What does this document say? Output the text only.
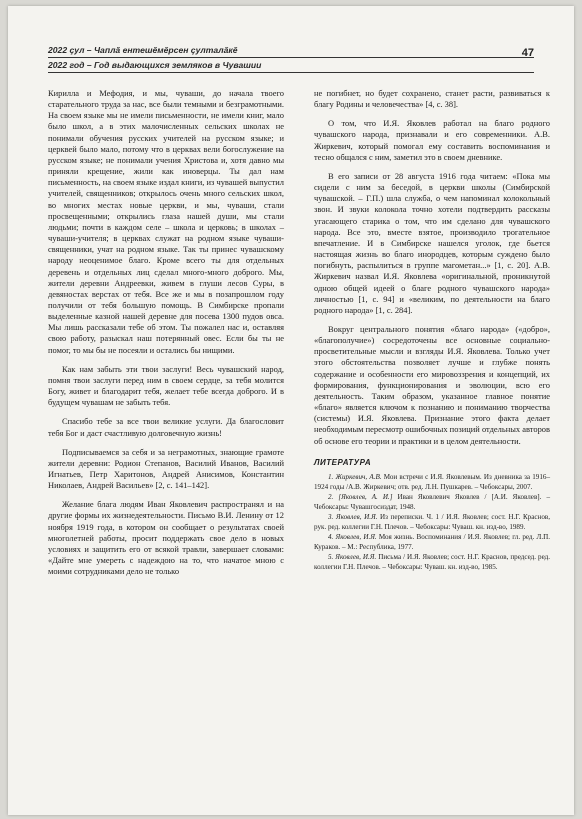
2022 çул – Чаплă ентешĕмĕрсен çулталăкĕ
2022 год – Год выдающихся земляков в Чувашии
47

Кирилла и Мефодия, и мы, чуваши, до начала твоего старательного труда за нас, все были темными и безграмотными. На своем языке мы не имели письменности, не имели книг, мало было школ, а в этих малочисленных сельских школах не понимали обучения русских учителей на русском языке; и церквей было мало, потому что в церквах вели богослужение на русском языке; не понимали учения Христова и, хотя давно мы приняли крещение, жили как иноверцы. Ты дал нам письменность, на своем языке издал книги, из чувашей выпустил учителей, священников; открылось очень много сельских школ, во многих местах новые церкви, и мы, чуваши, стали просвещенными; открылись глаза нашей души, мы стали людьми; почти в каждом селе – школа и церковь; в школах – чуваши-учителя; в церквах служат на родном языке чуваши-священники, учат на родном языке. Так ты принес чувашскому народу неоценимое благо. Кроме всего ты для отдельных деревень и отдельных лиц сделал много-много доброго. Мы, жители деревни Андреевки, живем в глуши лесов Суры, в девяностах верстах от тебя. Все же и мы в позапрошлом году получили от тебя большую помощь. В Симбирске пропали выделенные казной нашей деревне для посева 1300 пудов овса. Мы лишь рассказали тебе об этом. Ты пожалел нас и, оставляя свою работу, разыскал наш потерянный овес. Если бы ты не помог, то мы бы не посеяли и остались бы нищими.

Как нам забыть эти твои заслуги! Весь чувашский народ, помня твои заслуги перед ним в своем сердце, за тебя молится Богу, живет и благодарит тебя, желает тебе всегда доброго. И в будущем чувашам не забыть тебя.

Спасибо тебе за все твои великие услуги. Да благословит тебя Бог и даст счастливую долговечную жизнь!

Подписываемся за себя и за неграмотных, знающие грамоте жители деревни: Родион Степанов, Василий Иванов, Василий Игнатьев, Петр Харитонов, Андрей Анисимов, Константин Николаев, Андрей Васильев» [2, с. 141–142].

Желание блага людям Иван Яковлевич распространял и на другие формы их жизнедеятельности. Письмо В.И. Ленину от 12 ноября 1919 года, в котором он сообщает о результатах своей многолетней работы, просит поддержать свое дело в новых условиях и защитить его от всякой травли, завершает словами: «Дайте мне умереть с надеждою на то, что начатое мною с моими сотрудниками дело не только

не погибнет, но будет сохранено, станет расти, развиваться к благу Родины и человечества» [4, с. 38].

О том, что И.Я. Яковлев работал на благо родного чувашского народа, признавали и его современники. А.В. Жиркевич, который помогал ему составить воспоминания и тесно общался с ним, заметил это в своем дневнике.

В его записи от 28 августа 1916 года читаем: «Пока мы сидели с ним за беседой, в церкви школы (Симбирской чувашской. – Г.П.) шла служба, о чем напоминал колокольный звон. И звуки колокола точно хотели подтвердить рассказы угасающего старика о том, что им сделано для чувашского народа. Все это, вместе взятое, производило трогательное впечатление. И в Симбирске нашелся уголок, где бьется настоящая жизнь во благо инородцев, которым суждено было погибнуть, распылиться в группе магометан...» [1, с. 20]. А.В. Жиркевич назвал И.Я. Яковлева «оригинальной, проникнутой одною общей идеей о благе родного чувашского народа» личностью [1, с. 94] и «великим, по деятельности на благо родного народа» [1, с. 284].

Вокруг центрального понятия «благо народа» («добро», «благополучие») сосредоточены все основные социально-просветительные мысли и взгляды И.Я. Яковлева. Только учет этого обстоятельства позволяет лучше и глубже понять содержание и особенности его мировоззрения и концепций, их формирования, функционирования и эволюции, всю его деятельность. Таким образом, указанное главное понятие «благо» является ключом к познанию и пониманию творчества (системы) И.Я. Яковлева. Признание этого факта делает необходимым пересмотр ошибочных позиций отдельных авторов об основе его теории и практики и в целом деятельности.

ЛИТЕРАТУРА

1. Жиркевич, А.В. Мои встречи с И.Я. Яковлевым. Из дневника за 1916–1924 годы /А.В. Жиркевич; отв. ред. Л.Н. Пушкарев. – Чебоксары, 2007.

2. [Яковлев, А. И.] Иван Яковлевич Яковлев / [А.И. Яковлев]. – Чебоксары: Чувашгосиздат, 1948.

3. Яковлев, И.Я. Из переписки. Ч. 1 / И.Я. Яковлев; сост. Н.Г. Краснов, рук. ред. коллегии Г.Н. Плечов. – Чебоксары: Чуваш. кн. изд-во, 1989.

4. Яковлев, И.Я. Моя жизнь. Воспоминания / И.Я. Яковлев; гл. ред. Л.П. Кураков. – М.: Республика, 1977.

5. Яковлев, И.Я. Письма / И.Я. Яковлев; сост. Н.Г. Краснов, председ. ред. коллегии Г.Н. Плечов. – Чебоксары: Чуваш. кн. изд-во, 1985.
